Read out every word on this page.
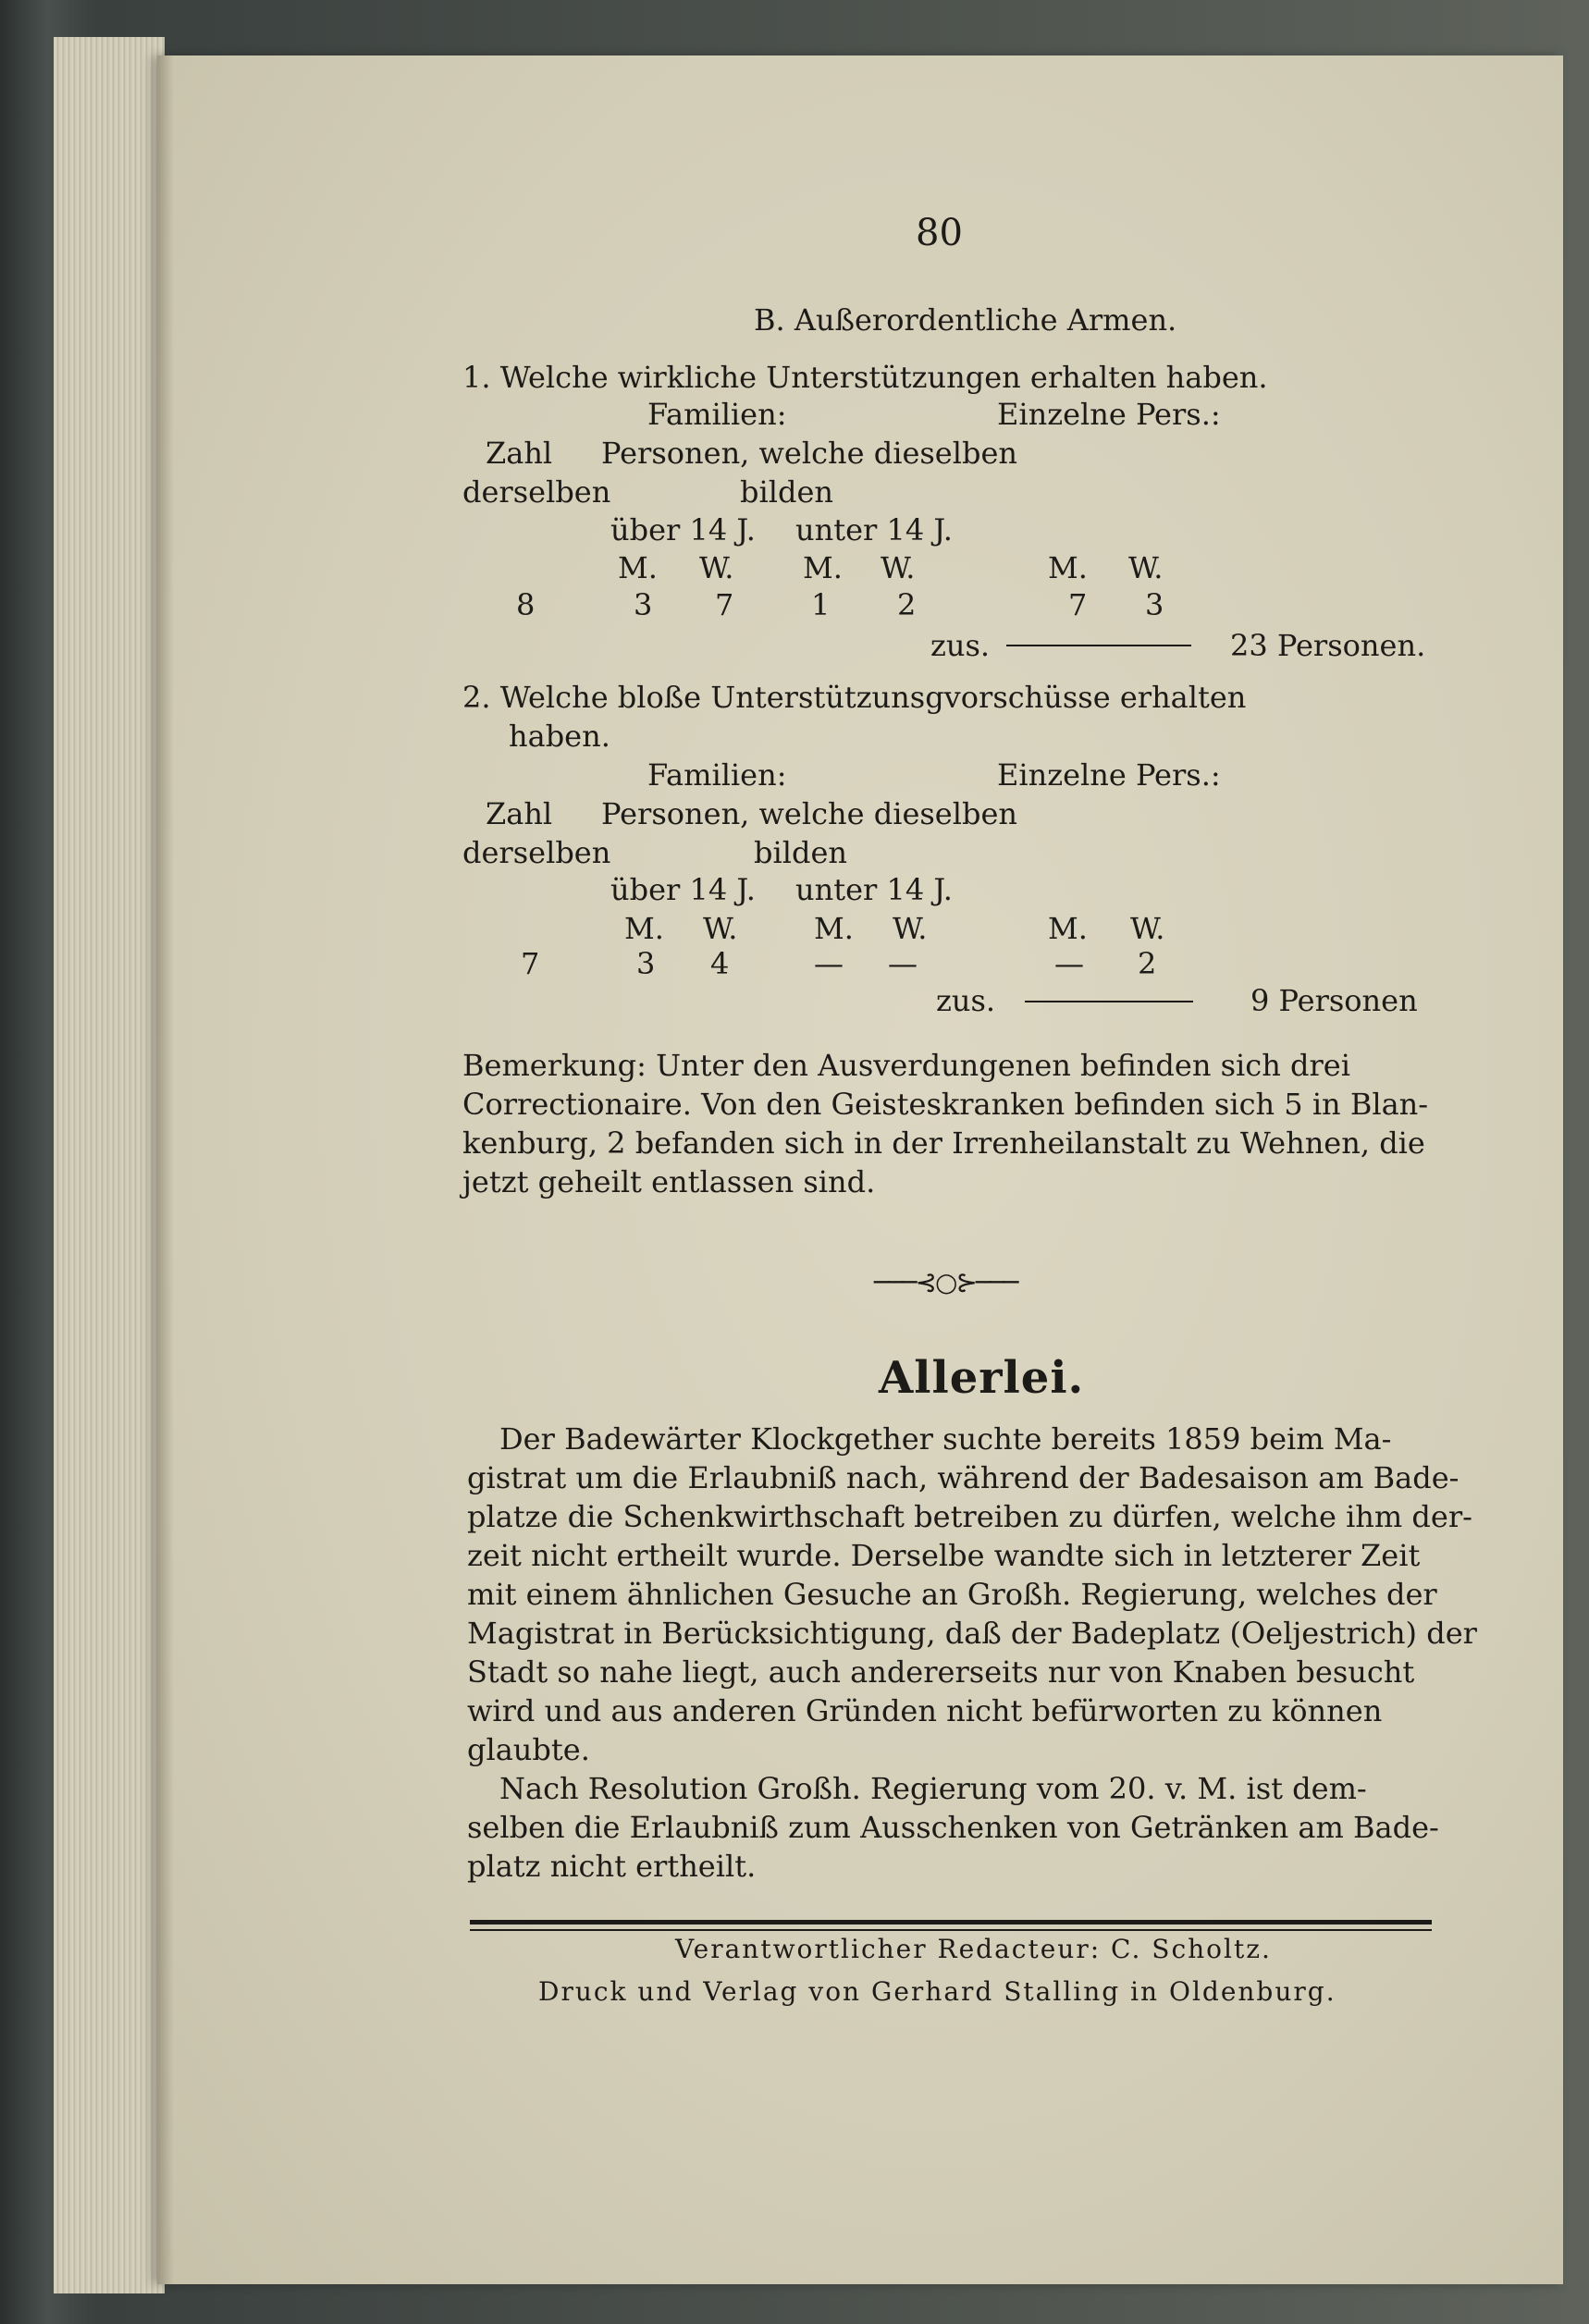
80
B. Außerordentliche Armen.
1. Welche wirkliche Unterstützungen erhalten haben.
Familien:	Einzelne Pers.:
Zahl Personen, welche dieselben
derselben	bilden
über 14 J. unter 14 J.
M. W. M. W.	M. W.
8	3 7	1 2	7 3
zus.	23 Personen.
2. Welche bloße Unterstützunsgvorschüsse erhalten
haben.
Familien:	Einzelne Pers.:
Zahl Personen, welche dieselben
derselben	bilden
über 14 J. unter 14 J.
M. W.	M. W.	M. W.
7	3 4	— —	— 2
zus.	9 Personen
Bemerkung: Unter den Ausverdungenen befinden sich drei
Correctionaire. Von den Geisteskranken befinden sich 5 in Blan-
kenburg, 2 befanden sich in der Irrenheilanstalt zu Wehnen, die
jetzt geheilt entlassen sind.
───⊰○⊱───
Allerlei.
Der Badewärter Klockgether suchte bereits 1859 beim Ma-
gistrat um die Erlaubniß nach, während der Badesaison am Bade-
platze die Schenkwirthschaft betreiben zu dürfen, welche ihm der-
zeit nicht ertheilt wurde. Derselbe wandte sich in letzterer Zeit
mit einem ähnlichen Gesuche an Großh. Regierung, welches der
Magistrat in Berücksichtigung, daß der Badeplatz (Oeljestrich) der
Stadt so nahe liegt, auch andererseits nur von Knaben besucht
wird und aus anderen Gründen nicht befürworten zu können
glaubte.
Nach Resolution Großh. Regierung vom 20. v. M. ist dem-
selben die Erlaubniß zum Ausschenken von Getränken am Bade-
platz nicht ertheilt.
Verantwortlicher Redacteur: C. Scholtz.
Druck und Verlag von Gerhard Stalling in Oldenburg.
